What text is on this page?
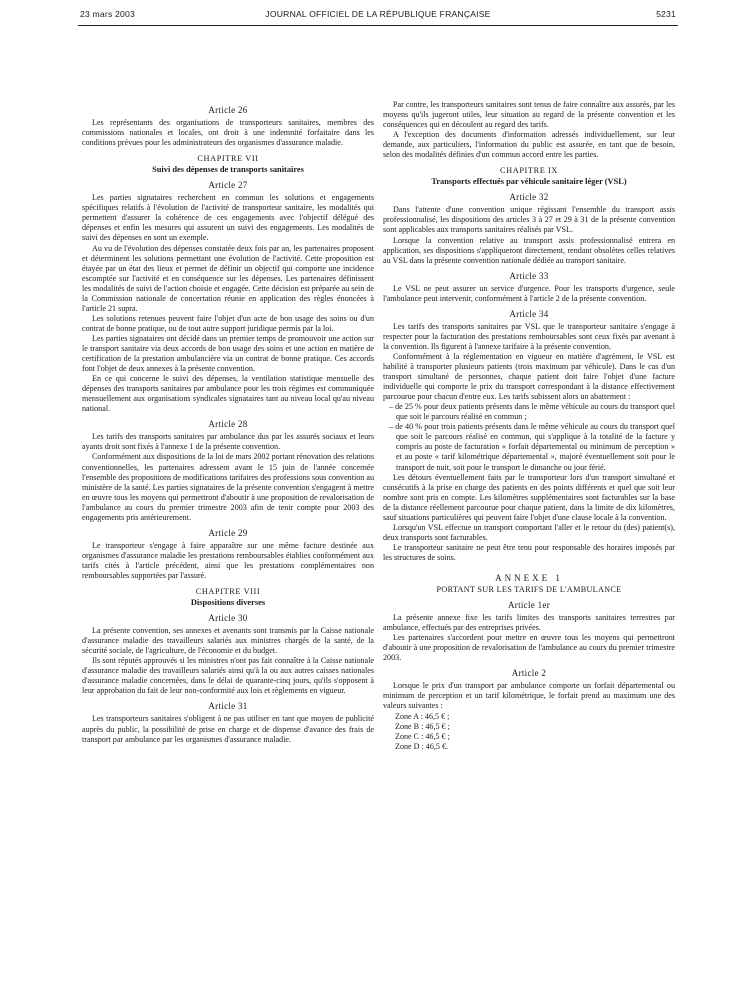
23 mars 2003	JOURNAL OFFICIEL DE LA RÉPUBLIQUE FRANÇAISE	5231
Article 26

Les représentants des organisations de transporteurs sanitaires, membres des commissions nationales et locales, ont droit à une indemnité forfaitaire dans les conditions prévues pour les administrateurs des organismes d'assurance maladie.

CHAPITRE VII
Suivi des dépenses de transports sanitaires
Article 27

Les parties signataires recherchent en commun les solutions et engagements spécifiques relatifs à l'évolution de l'activité de transporteur sanitaire, les modalités qui permettent d'assurer la cohérence de ces engagements avec l'objectif délégué des dépenses et enfin les mesures qui assurent un suivi des engagements. Les modalités de suivi des dépenses en sont un exemple.

Au vu de l'évolution des dépenses constatée deux fois par an, les partenaires proposent et déterminent les solutions permettant une évolution de l'activité. Cette proposition est étayée par un état des lieux et permet de définir un objectif qui comporte une incidence escomptée sur l'activité et en conséquence sur les dépenses. Les partenaires définissent les modalités de suivi de l'action choisie et engagée. Cette décision est préparée au sein de la Commission nationale de concertation réunie en application des règles énoncées à l'article 21 supra.

Les solutions retenues peuvent faire l'objet d'un acte de bon usage des soins ou d'un contrat de bonne pratique, ou de tout autre support juridique permis par la loi.

Les parties signataires ont décidé dans un premier temps de promouvoir une action sur le transport sanitaire via deux accords de bon usage des soins et une action en matière de certification de la prestation ambulancière via un contrat de bonne pratique. Ces accords font l'objet de deux annexes à la présente convention.

En ce qui concerne le suivi des dépenses, la ventilation statistique mensuelle des dépenses des transports sanitaires par ambulance pour les trois régimes est communiquée mensuellement aux organisations syndicales signataires tant au niveau local qu'au niveau national.

Article 28

Les tarifs des transports sanitaires par ambulance dus par les assurés sociaux et leurs ayants droit sont fixés à l'annexe 1 de la présente convention.

Conformément aux dispositions de la loi de mars 2002 portant rénovation des relations conventionnelles, les partenaires adressent avant le 15 juin de l'année concernée l'ensemble des propositions de modifications tarifaires des professions sous convention au ministère de la santé. Les parties signataires de la présente convention s'engagent à mettre en œuvre tous les moyens qui permettront d'aboutir à une proposition de revalorisation de l'ambulance au cours du premier trimestre 2003 afin de tenir compte pour 2003 des engagements pris antérieurement.

Article 29

Le transporteur s'engage à faire apparaître sur une même facture destinée aux organismes d'assurance maladie les prestations remboursables établies conformément aux tarifs cités à l'article précédent, ainsi que les prestations complémentaires non remboursables supportées par l'assuré.

CHAPITRE VIII
Dispositions diverses
Article 30

La présente convention, ses annexes et avenants sont transmis par la Caisse nationale d'assurance maladie des travailleurs salariés aux ministres chargés de la santé, de la sécurité sociale, de l'agriculture, de l'économie et du budget.

Ils sont réputés approuvés si les ministres n'ont pas fait connaître à la Caisse nationale d'assurance maladie des travailleurs salariés ainsi qu'à la ou aux autres caisses nationales d'assurance maladie concernées, dans le délai de quarante-cinq jours, qu'ils s'opposent à leur approbation du fait de leur non-conformité aux lois et règlements en vigueur.

Article 31

Les transporteurs sanitaires s'obligent à ne pas utiliser en tant que moyen de publicité auprès du public, la possibilité de prise en charge et de dispense d'avance des frais de transport par ambulance par les organismes d'assurance maladie.

Par contre, les transporteurs sanitaires sont tenus de faire connaître aux assurés, par les moyens qu'ils jugeront utiles, leur situation au regard de la présente convention et les conséquences qui en découlent au regard des tarifs.

A l'exception des documents d'information adressés individuellement, sur leur demande, aux particuliers, l'information du public est assurée, en tant que de besoin, selon des modalités définies d'un commun accord entre les parties.

CHAPITRE IX
Transports effectués par véhicule sanitaire léger (VSL)
Article 32

Dans l'attente d'une convention unique régissant l'ensemble du transport assis professionnalisé, les dispositions des articles 3 à 27 et 29 à 31 de la présente convention sont applicables aux transports sanitaires réalisés par VSL.

Lorsque la convention relative au transport assis professionnalisé entrera en application, ses dispositions s'appliqueront directement, rendant obsolètes celles relatives au VSL dans la présente convention nationale dédiée au transport sanitaire.

Article 33

Le VSL ne peut assurer un service d'urgence. Pour les transports d'urgence, seule l'ambulance peut intervenir, conformément à l'article 2 de la présente convention.

Article 34

Les tarifs des transports sanitaires par VSL que le transporteur sanitaire s'engage à respecter pour la facturation des prestations remboursables sont ceux fixés par avenant à la convention. Ils figurent à l'annexe tarifaire à la présente convention.

Conformément à la réglementation en vigueur en matière d'agrément, le VSL est habilité à transporter plusieurs patients (trois maximum par véhicule). Dans le cas d'un transport simultané de personnes, chaque patient doit faire l'objet d'une facture individuelle qui comporte le prix du transport correspondant à la distance effectivement parcourue pour chacun d'entre eux. Les tarifs subissent alors un abattement :

– de 25 % pour deux patients présents dans le même véhicule au cours du transport quel que soit le parcours réalisé en commun ;
– de 40 % pour trois patients présents dans le même véhicule au cours du transport quel que soit le parcours réalisé en commun, qui s'applique à la totalité de la facture y compris au poste de facturation « forfait départemental ou minimum de perception » et au poste « tarif kilométrique départemental », majoré éventuellement soit pour le transport de nuit, soit pour le transport le dimanche ou jour férié.

Les détours éventuellement faits par le transporteur lors d'un transport simultané et consécutifs à la prise en charge des patients en des points différents et quel que soit leur nombre sont pris en compte. Les kilomètres supplémentaires sont facturables sur la base de la distance réellement parcourue pour chaque patient, dans la limite de dix kilomètres, sauf situations particulières qui peuvent faire l'objet d'une clause locale à la convention.

Lorsqu'un VSL effectue un transport comportant l'aller et le retour du (des) patient(s), deux transports sont facturables.

Le transporteur sanitaire ne peut être tenu pour responsable des horaires imposés par les structures de soins.

ANNEXE 1
PORTANT SUR LES TARIFS DE L'AMBULANCE
Article 1er

La présente annexe fixe les tarifs limites des transports sanitaires terrestres par ambulance, effectués par des entreprises privées.

Les partenaires s'accordent pour mettre en œuvre tous les moyens qui permettront d'aboutir à une proposition de revalorisation de l'ambulance au cours du premier trimestre 2003.

Article 2

Lorsque le prix d'un transport par ambulance comporte un forfait départemental ou minimum de perception et un tarif kilométrique, le forfait prend au maximum une des valeurs suivantes :

Zone A : 46,5 € ;
Zone B : 46,5 € ;
Zone C : 46,5 € ;
Zone D : 46,5 €.
